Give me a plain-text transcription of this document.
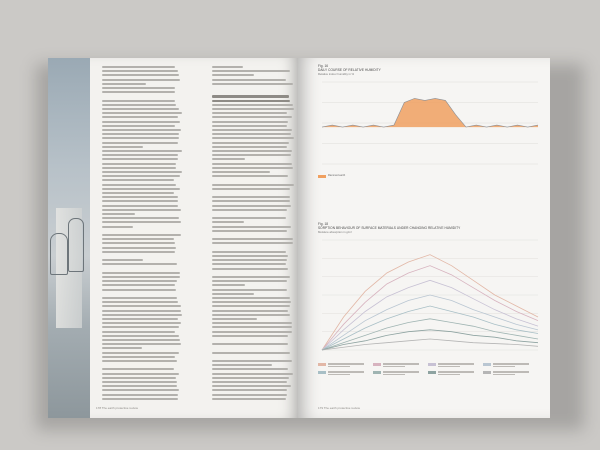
178 The earth protective review
Fig. 16
DAILY COURSE OF RELATIVE HUMIDITY
Relative indoor humidity in %
Rammed earth
Fig. 18
SORPTION BEHAVIOUR OF SURFACE MATERIALS UNDER CHANGING RELATIVE HUMIDITY
Moisture absorption in g/m²
179 The earth protective review
